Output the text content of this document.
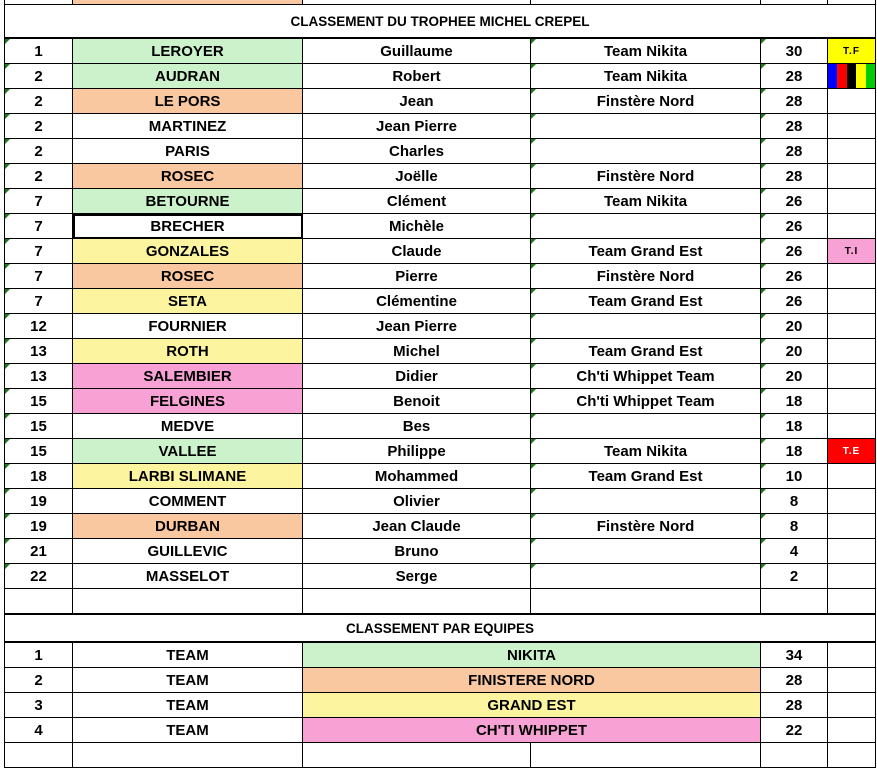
CLASSEMENT DU TROPHEE MICHEL CREPEL					
1	LEROYER	Guillaume	Team Nikita	30	T.F
2	AUDRAN	Robert	Team Nikita	28	

2	LE PORS	Jean	Finstère Nord	28	
2	MARTINEZ	Jean Pierre		28	
2	PARIS	Charles		28	
2	ROSEC	Joëlle	Finstère Nord	28	
7	BETOURNE	Clément	Team Nikita	26	
7	BRECHER	Michèle		26	
7	GONZALES	Claude	Team Grand Est	26	T.I
7	ROSEC	Pierre	Finstère Nord	26	
7	SETA	Clémentine	Team Grand Est	26	
12	FOURNIER	Jean Pierre		20	
13	ROTH	Michel	Team Grand Est	20	
13	SALEMBIER	Didier	Ch'ti Whippet Team	20	
15	FELGINES	Benoit	Ch'ti Whippet Team	18	
15	MEDVE	Bes		18	
15	VALLEE	Philippe	Team Nikita	18	T.E
18	LARBI SLIMANE	Mohammed	Team Grand Est	10	
19	COMMENT	Olivier		8	
19	DURBAN	Jean Claude	Finstère Nord	8	
21	GUILLEVIC	Bruno		4	
22	MASSELOT	Serge		2	

CLASSEMENT PAR EQUIPES					
1	TEAM	NIKITA		34	
2	TEAM	FINISTERE NORD		28	
3	TEAM	GRAND EST		28	
4	TEAM	CH'TI WHIPPET		22	
